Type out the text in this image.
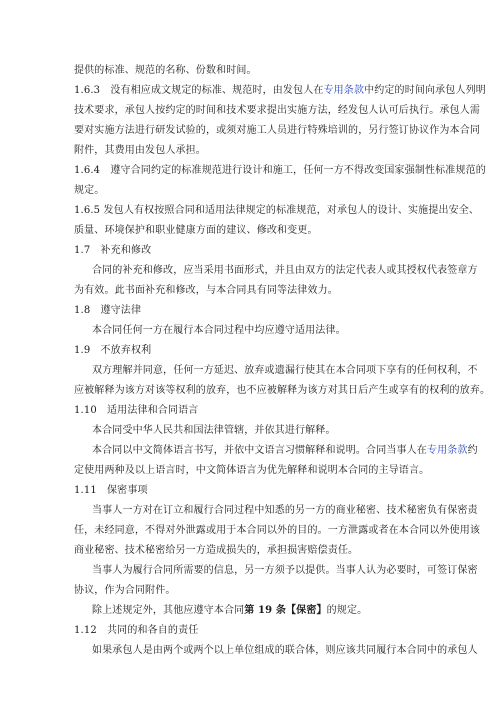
提供的标准、规范的名称、份数和时间。
1.6.3　没有相应成文规定的标准、规范时，由发包人在专用条款中约定的时间向承包人列明
技术要求，承包人按约定的时间和技术要求提出实施方法，经发包人认可后执行。承包人需
要对实施方法进行研发试验的，或须对施工人员进行特殊培训的，另行签订协议作为本合同
附件，其费用由发包人承担。
1.6.4　遵守合同约定的标准规范进行设计和施工，任何一方不得改变国家强制性标准规范的
规定。
1.6.5 发包人有权按照合同和适用法律规定的标准规范，对承包人的设计、实施提出安全、
质量、环境保护和职业健康方面的建议、修改和变更。
1.7　补充和修改
合同的补充和修改，应当采用书面形式，并且由双方的法定代表人或其授权代表签章方
为有效。此书面补充和修改，与本合同具有同等法律效力。
1.8　遵守法律
本合同任何一方在履行本合同过程中均应遵守适用法律。
1.9　不放弃权利
双方理解并同意，任何一方延迟、放弃或遗漏行使其在本合同项下享有的任何权利，不
应被解释为该方对该等权利的放弃，也不应被解释为该方对其日后产生或享有的权利的放弃。
1.10　适用法律和合同语言
本合同受中华人民共和国法律管辖，并依其进行解释。
本合同以中文简体语言书写，并依中文语言习惯解释和说明。合同当事人在专用条款约
定使用两种及以上语言时，中文简体语言为优先解释和说明本合同的主导语言。
1.11　保密事项
当事人一方对在订立和履行合同过程中知悉的另一方的商业秘密、技术秘密负有保密责
任，未经同意，不得对外泄露或用于本合同以外的目的。一方泄露或者在本合同以外使用该
商业秘密、技术秘密给另一方造成损失的，承担损害赔偿责任。
当事人为履行合同所需要的信息，另一方须予以提供。当事人认为必要时，可签订保密
协议，作为合同附件。
除上述规定外，其他应遵守本合同第 19 条【保密】的规定。
1.12　共同的和各自的责任
如果承包人是由两个或两个以上单位组成的联合体，则应该共同履行本合同中的承包人
